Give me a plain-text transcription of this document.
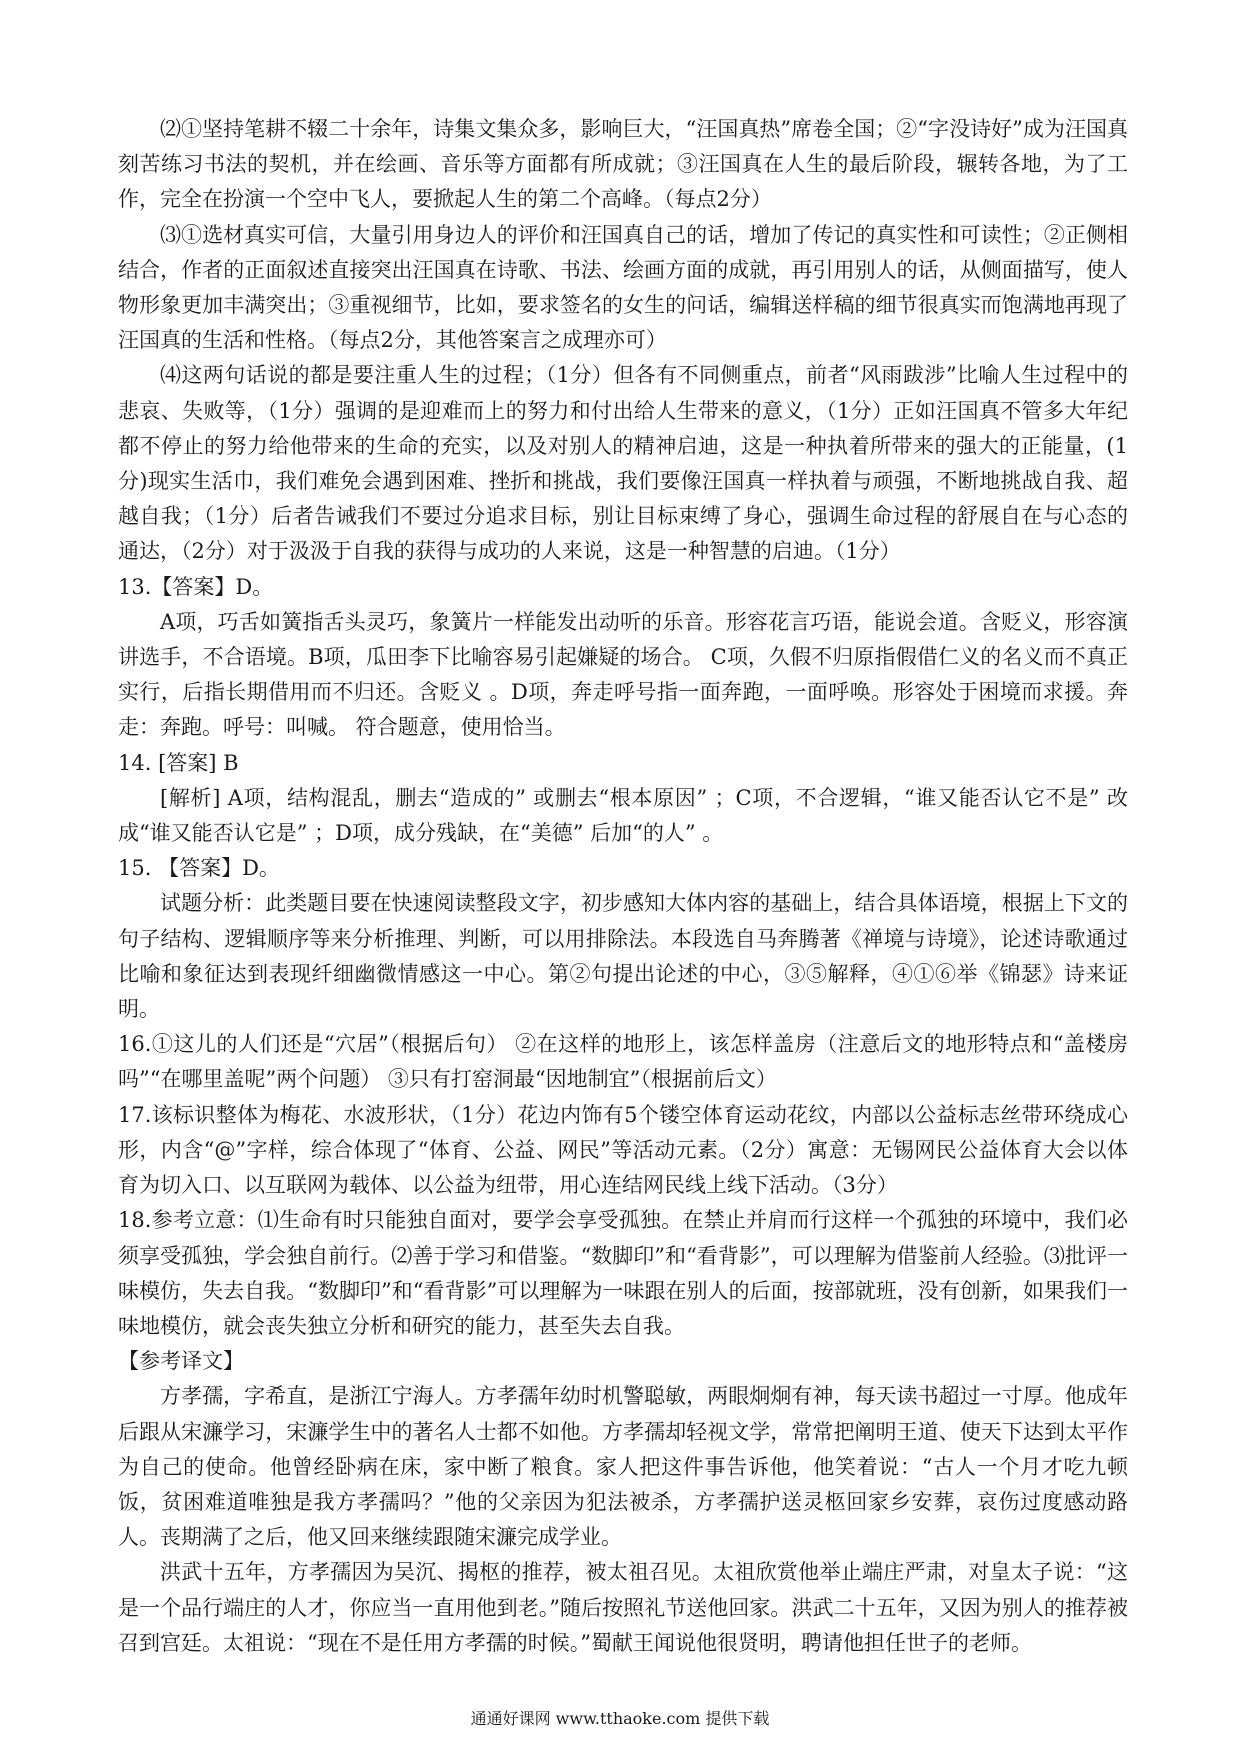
⑵①坚持笔耕不辍二十余年，诗集文集众多，影响巨大，“汪国真热”席卷全国；②“字没诗好”成为汪国真刻苦练习书法的契机，并在绘画、音乐等方面都有所成就；③汪国真在人生的最后阶段，辗转各地，为了工作，完全在扮演一个空中飞人，要掀起人生的第二个高峰。（每点2分）

⑶①选材真实可信，大量引用身边人的评价和汪国真自己的话，增加了传记的真实性和可读性；②正侧相结合，作者的正面叙述直接突出汪国真在诗歌、书法、绘画方面的成就，再引用别人的话，从侧面描写，使人物形象更加丰满突出；③重视细节，比如，要求签名的女生的问话，编辑送样稿的细节很真实而饱满地再现了汪国真的生活和性格。（每点2分，其他答案言之成理亦可）

⑷这两句话说的都是要注重人生的过程；（1分）但各有不同侧重点，前者“风雨跋涉”比喻人生过程中的悲哀、失败等，（1分）强调的是迎难而上的努力和付出给人生带来的意义，（1分）正如汪国真不管多大年纪都不停止的努力给他带来的生命的充实，以及对别人的精神启迪，这是一种执着所带来的强大的正能量，(1分)现实生活巾，我们难免会遇到困难、挫折和挑战，我们要像汪国真一样执着与顽强，不断地挑战自我、超越自我；（1分）后者告诫我们不要过分追求目标，别让目标束缚了身心，强调生命过程的舒展自在与心态的通达，（2分）对于汲汲于自我的获得与成功的人来说，这是一种智慧的启迪。（1分）

13.【答案】D。

A项，巧舌如簧指舌头灵巧，象簧片一样能发出动听的乐音。形容花言巧语，能说会道。含贬义，形容演讲选手，不合语境。B项，瓜田李下比喻容易引起嫌疑的场合。 C项，久假不归原指假借仁义的名义而不真正实行，后指长期借用而不归还。含贬义 。D项，奔走呼号指一面奔跑，一面呼唤。形容处于困境而求援。奔走：奔跑。呼号：叫喊。 符合题意，使用恰当。

14. [答案] B

[解析] A项，结构混乱，删去“造成的” 或删去“根本原因” ；C项，不合逻辑，“谁又能否认它不是” 改成“谁又能否认它是” ；D项，成分残缺，在“美德” 后加“的人” 。

15. 【答案】D。

试题分析：此类题目要在快速阅读整段文字，初步感知大体内容的基础上，结合具体语境，根据上下文的句子结构、逻辑顺序等来分析推理、判断，可以用排除法。本段选自马奔腾著《禅境与诗境》，论述诗歌通过比喻和象征达到表现纤细幽微情感这一中心。第②句提出论述的中心，③⑤解释，④①⑥举《锦瑟》诗来证明。

16.①这儿的人们还是“穴居”（根据后句） ②在这样的地形上，该怎样盖房（注意后文的地形特点和“盖楼房吗”“在哪里盖呢”两个问题） ③只有打窑洞最“因地制宜”（根据前后文）

17.该标识整体为梅花、水波形状，（1分）花边内饰有5个镂空体育运动花纹，内部以公益标志丝带环绕成心形，内含“@”字样，综合体现了“体育、公益、网民”等活动元素。（2分）寓意：无锡网民公益体育大会以体育为切入口、以互联网为载体、以公益为纽带，用心连结网民线上线下活动。（3分）

18.参考立意：⑴生命有时只能独自面对，要学会享受孤独。在禁止并肩而行这样一个孤独的环境中，我们必须享受孤独，学会独自前行。⑵善于学习和借鉴。“数脚印”和“看背影”，可以理解为借鉴前人经验。⑶批评一味模仿，失去自我。“数脚印”和“看背影”可以理解为一味跟在别人的后面，按部就班，没有创新，如果我们一味地模仿，就会丧失独立分析和研究的能力，甚至失去自我。

【参考译文】

方孝孺，字希直，是浙江宁海人。方孝孺年幼时机警聪敏，两眼炯炯有神，每天读书超过一寸厚。他成年后跟从宋濂学习，宋濂学生中的著名人士都不如他。方孝孺却轻视文学，常常把阐明王道、使天下达到太平作为自己的使命。他曾经卧病在床，家中断了粮食。家人把这件事告诉他，他笑着说：“古人一个月才吃九顿饭，贫困难道唯独是我方孝孺吗？”他的父亲因为犯法被杀，方孝孺护送灵柩回家乡安葬，哀伤过度感动路人。丧期满了之后，他又回来继续跟随宋濂完成学业。

洪武十五年，方孝孺因为吴沉、揭枢的推荐，被太祖召见。太祖欣赏他举止端庄严肃，对皇太子说：“这是一个品行端庄的人才，你应当一直用他到老。”随后按照礼节送他回家。洪武二十五年，又因为别人的推荐被召到宫廷。太祖说：“现在不是任用方孝孺的时候。”蜀献王闻说他很贤明，聘请他担任世子的老师。

通通好课网 www.tthaoke.com 提供下载
